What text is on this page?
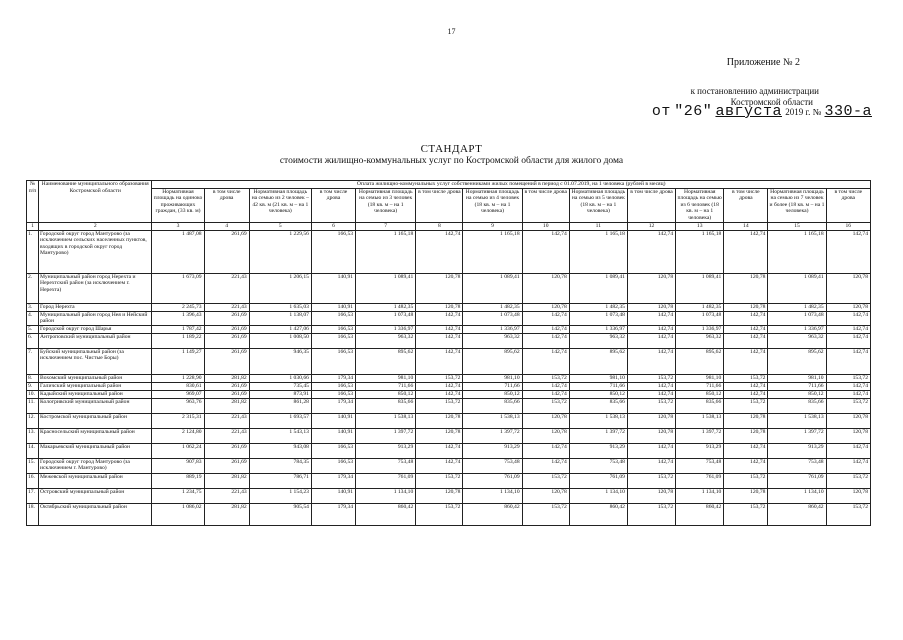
17
Приложение № 2
к постановлению администрации
Костромской области
от "26" августа 2019 г. № 330-а
СТАНДАРТ
стоимости жилищно-коммунальных услуг по Костромской области для жилого дома
№ п/п	Наименование муниципального образования Костромской области	Оплата жилищно-коммунальных услуг собственниками жилых помещений в период с 01.07.2019, на 1 человека (рублей в месяц)													
		Нормативная площадь на одиноко проживающих граждан, (33 кв. м)	в том числе дрова	Нормативная площадь на семью из 2 человек – 42 кв. м (21 кв. м – на 1 человека)	в том числе дрова	Нормативная площадь на семью из 3 человек (18 кв. м – на 1 человека)	в том числе дрова	Нормативная площадь на семью из 4 человек (18 кв. м – на 1 человека)	в том числе дрова	Нормативная площадь на семью из 5 человек (18 кв. м – на 1 человека)	в том числе дрова	Нормативная площадь на семью из 6 человек (18 кв. м – на 1 человека)	в том числе дрова	Нормативная площадь на семью из 7 человек и более (18 кв. м – на 1 человека)	в том числе дрова
1	2	3	4	5	6	7	8	9	10	11	12	13	14	15	16
1.	Городской округ город Мантурово (за исключением сельских населенных пунктов, входящих в городской округ город Мантурово)	1 487,08	261,69	1 229,56	166,53	1 165,18	142,74	1 165,18	142,74	1 165,18	142,74	1 165,18	142,74	1 165,18	142,74
2.	Муниципальный район город Нерехта и Нерехтский район (за исключением г. Нерехта)	1 673,09	221,43	1 206,15	140,91	1 089,41	120,78	1 089,41	120,78	1 089,41	120,78	1 089,41	120,78	1 089,41	120,78
3.	Город Нерехта	2 245,73	221,43	1 635,03	140,91	1 482,35	120,78	1 482,35	120,78	1 482,35	120,78	1 482,35	120,78	1 482,35	120,78
4.	Муниципальный район город Нея и Нейский район	1 396,43	261,69	1 138,07	166,53	1 073,48	142,74	1 073,48	142,74	1 073,48	142,74	1 073,48	142,74	1 073,48	142,74
5.	Городской округ город Шарья	1 787,42	261,69	1 427,06	166,53	1 336,97	142,74	1 336,97	142,74	1 336,97	142,74	1 336,97	142,74	1 336,97	142,74
6.	Антроповский муниципальный район	1 189,22	261,69	1 008,50	166,53	963,32	142,74	963,32	142,74	963,32	142,74	963,32	142,74	963,32	142,74
7.	Буйский муниципальный район (за исключением пос. Чистые Боры)	1 149,27	261,69	946,35	166,53	895,62	142,74	895,62	142,74	895,62	142,74	895,62	142,74	895,62	142,74
8.	Вохомский муниципальный район	1 228,90	281,82	1 030,66	179,34	981,10	153,72	981,10	153,72	981,10	153,72	981,10	153,72	981,10	153,72
9.	Галичский муниципальный район	830,61	261,69	735,45	166,53	711,66	142,74	711,66	142,74	711,66	142,74	711,66	142,74	711,66	142,74
10.	Кадыйский муниципальный район	969,07	261,69	873,91	166,53	850,12	142,74	850,12	142,74	850,12	142,74	850,12	142,74	850,12	142,74
11.	Кологривский муниципальный район	963,76	281,82	861,28	179,34	835,66	153,72	835,66	153,72	835,66	153,72	835,66	153,72	835,66	153,72
12.	Костромской муниципальный район	2 315,31	221,43	1 693,57	140,91	1 538,13	120,78	1 538,13	120,78	1 538,13	120,78	1 538,13	120,78	1 538,13	120,78
13.	Красносельский муниципальный район	2 124,80	221,43	1 543,13	140,91	1 397,72	120,78	1 397,72	120,78	1 397,72	120,78	1 397,72	120,78	1 397,72	120,78
14.	Макарьевский муниципальный район	1 062,24	261,69	943,08	166,53	913,29	142,74	913,29	142,74	913,29	142,74	913,29	142,74	913,29	142,74
15.	Городской округ город Мантурово (за исключением г. Мантурово)	907,83	261,69	784,35	166,53	753,48	142,74	753,48	142,74	753,48	142,74	753,48	142,74	753,48	142,74
16.	Межевской муниципальный район	889,19	281,82	786,71	179,34	761,09	153,72	761,09	153,72	761,09	153,72	761,09	153,72	761,09	153,72
17.	Островский муниципальный район	1 234,75	221,43	1 154,23	140,91	1 134,10	120,78	1 134,10	120,78	1 134,10	120,78	1 134,10	120,78	1 134,10	120,78
18.	Октябрьский муниципальный район	1 086,02	281,82	905,54	179,34	860,42	153,72	860,42	153,72	860,42	153,72	860,42	153,72	860,42	153,72
